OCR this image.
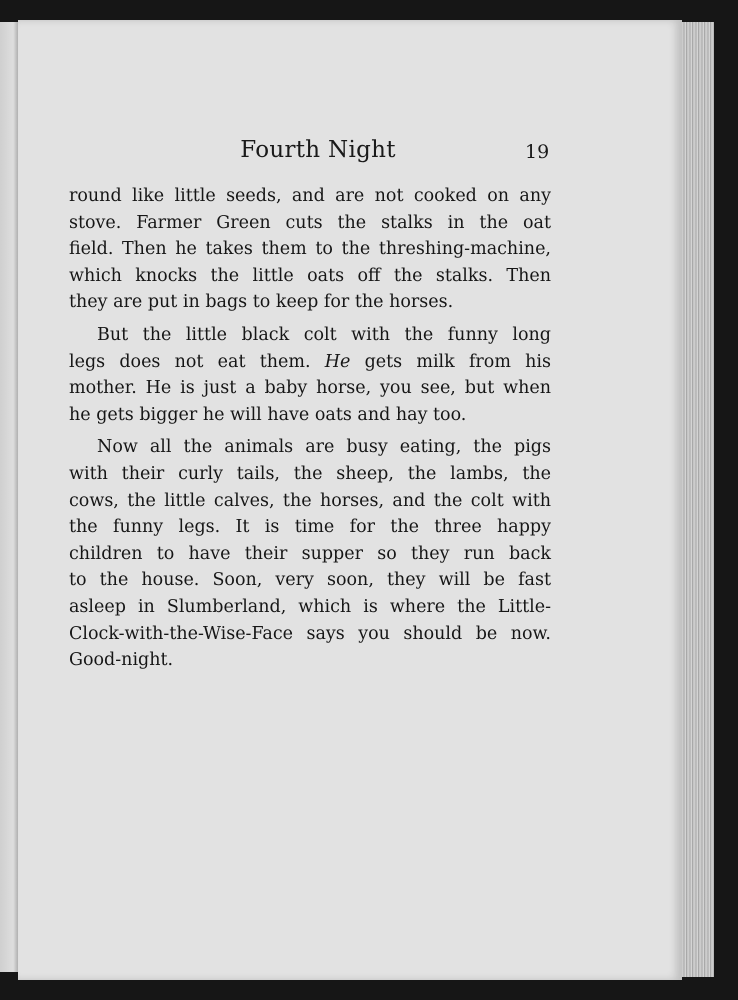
Fourth Night	19
round like little seeds, and are not cooked on any
stove. Farmer Green cuts the stalks in the oat
field. Then he takes them to the threshing-machine,
which knocks the little oats off the stalks. Then
they are put in bags to keep for the horses.
But the little black colt with the funny long
legs does not eat them. He gets milk from his
mother. He is just a baby horse, you see, but when
he gets bigger he will have oats and hay too.
Now all the animals are busy eating, the pigs
with their curly tails, the sheep, the lambs, the
cows, the little calves, the horses, and the colt with
the funny legs. It is time for the three happy
children to have their supper so they run back
to the house. Soon, very soon, they will be fast
asleep in Slumberland, which is where the Little-
Clock-with-the-Wise-Face says you should be now.
Good-night.
